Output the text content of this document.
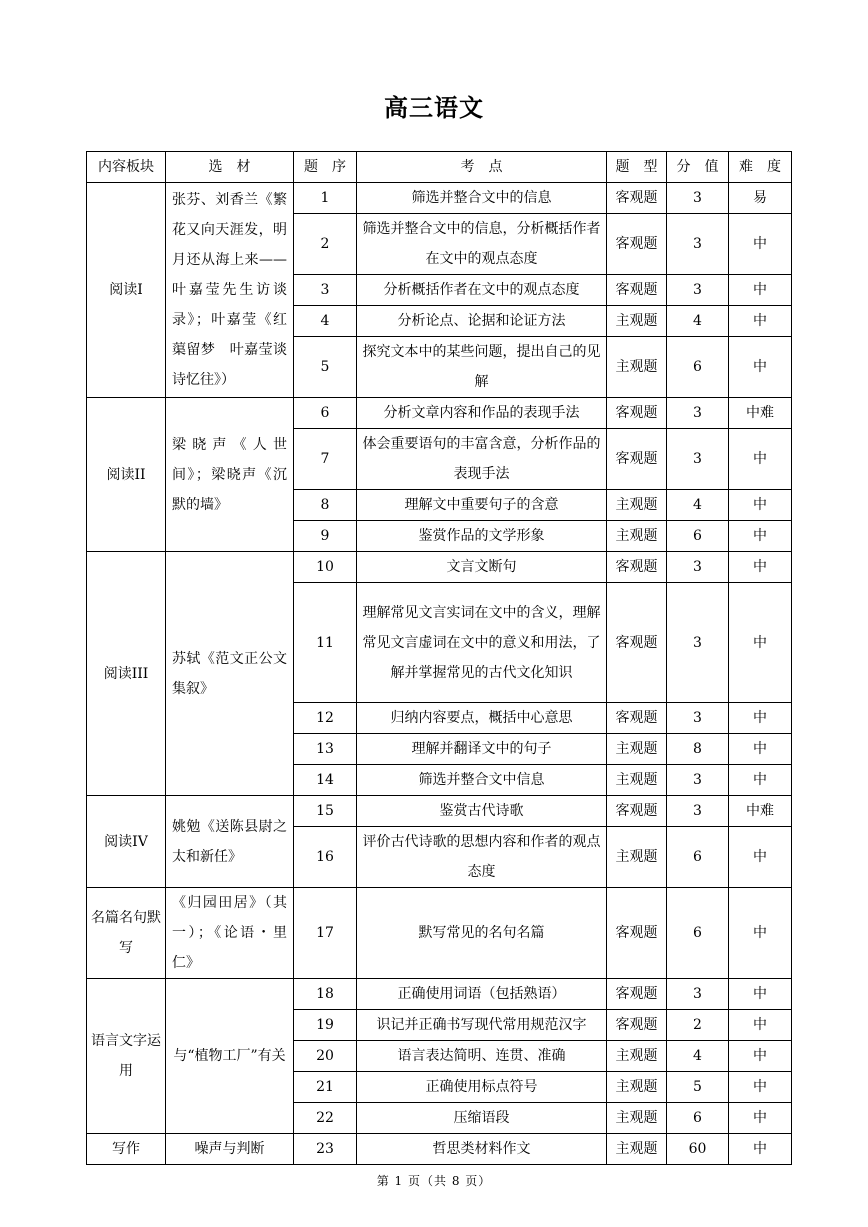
高三语文
内容板块	选　材	题　序	考　点	题　型	分　值	难　度
阅读I	张芬、刘香兰《繁花又向天涯发，明月还从海上来——叶嘉莹先生访谈录》；叶嘉莹《红蕖留梦　叶嘉莹谈诗忆往》）	1	筛选并整合文中的信息	客观题	3	易
		2	筛选并整合文中的信息，分析概括作者在文中的观点态度	客观题	3	中
		3	分析概括作者在文中的观点态度	客观题	3	中
		4	分析论点、论据和论证方法	主观题	4	中
		5	探究文本中的某些问题，提出自己的见解	主观题	6	中
阅读II	梁晓声《人世间》；梁晓声《沉默的墙》	6	分析文章内容和作品的表现手法	客观题	3	中难
		7	体会重要语句的丰富含意，分析作品的表现手法	客观题	3	中
		8	理解文中重要句子的含意	主观题	4	中
		9	鉴赏作品的文学形象	主观题	6	中
阅读III	苏轼《范文正公文集叙》	10	文言文断句	客观题	3	中
		11	理解常见文言实词在文中的含义，理解常见文言虚词在文中的意义和用法，了解并掌握常见的古代文化知识	客观题	3	中
		12	归纳内容要点，概括中心意思	客观题	3	中
		13	理解并翻译文中的句子	主观题	8	中
		14	筛选并整合文中信息	主观题	3	中
阅读IV	姚勉《送陈县尉之太和新任》	15	鉴赏古代诗歌	客观题	3	中难
		16	评价古代诗歌的思想内容和作者的观点态度	主观题	6	中
名篇名句默写	《归园田居》（其一）；《论语・里仁》	17	默写常见的名句名篇	客观题	6	中
语言文字运用	与“植物工厂”有关	18	正确使用词语（包括熟语）	客观题	3	中
		19	识记并正确书写现代常用规范汉字	客观题	2	中
		20	语言表达简明、连贯、准确	主观题	4	中
		21	正确使用标点符号	主观题	5	中
		22	压缩语段	主观题	6	中
写作	噪声与判断	23	哲思类材料作文	主观题	60	中
第 1 页（共 8 页）
